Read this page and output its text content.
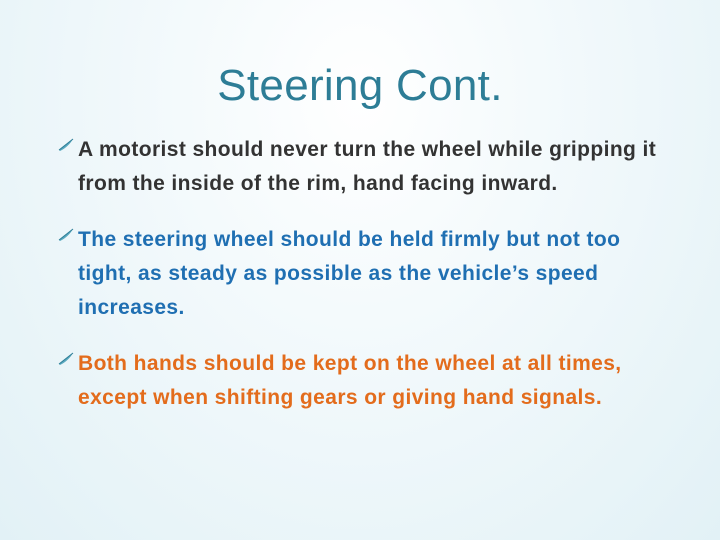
Steering Cont.
A motorist should never turn the wheel while gripping it from the inside of the rim, hand facing inward.
The steering wheel should be held firmly but not too tight, as steady as possible as the vehicle’s speed increases.
Both hands should be kept on the wheel at all times, except when shifting gears or giving hand signals.
